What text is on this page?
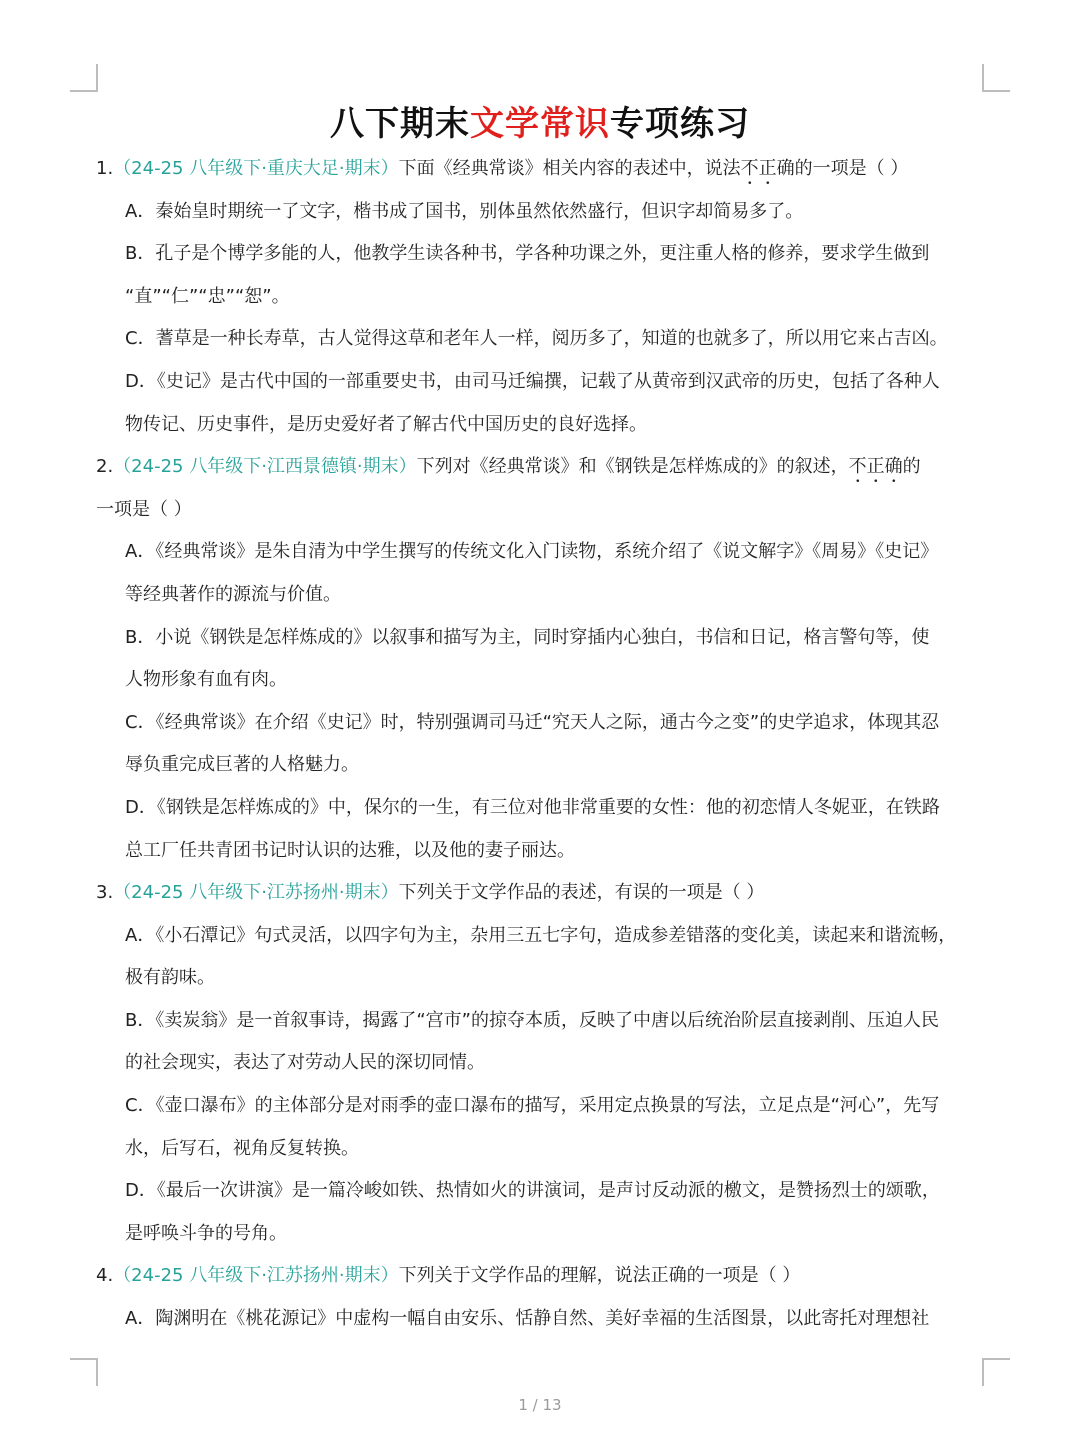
八下期末文学常识专项练习
1.（24-25 八年级下·重庆大足·期末）下面《经典常谈》相关内容的表述中，说法不正确的一项是（ ）
A．秦始皇时期统一了文字，楷书成了国书，别体虽然依然盛行，但识字却简易多了。
B．孔子是个博学多能的人，他教学生读各种书，学各种功课之外，更注重人格的修养，要求学生做到
“直”“仁”“忠”“恕”。
C．蓍草是一种长寿草，古人觉得这草和老年人一样，阅历多了，知道的也就多了，所以用它来占吉凶。
D．《史记》是古代中国的一部重要史书，由司马迁编撰，记载了从黄帝到汉武帝的历史，包括了各种人
物传记、历史事件，是历史爱好者了解古代中国历史的良好选择。
2.（24-25 八年级下·江西景德镇·期末）下列对《经典常谈》和《钢铁是怎样炼成的》的叙述，不正确的
一项是（ ）
A．《经典常谈》是朱自清为中学生撰写的传统文化入门读物，系统介绍了《说文解字》《周易》《史记》
等经典著作的源流与价值。
B．小说《钢铁是怎样炼成的》以叙事和描写为主，同时穿插内心独白，书信和日记，格言警句等，使
人物形象有血有肉。
C．《经典常谈》在介绍《史记》时，特别强调司马迁“究天人之际，通古今之变”的史学追求，体现其忍
辱负重完成巨著的人格魅力。
D．《钢铁是怎样炼成的》中，保尔的一生，有三位对他非常重要的女性：他的初恋情人冬妮亚，在铁路
总工厂任共青团书记时认识的达雅，以及他的妻子丽达。
3.（24-25 八年级下·江苏扬州·期末）下列关于文学作品的表述，有误的一项是（ ）
A．《小石潭记》句式灵活，以四字句为主，杂用三五七字句，造成参差错落的变化美，读起来和谐流畅，
极有韵味。
B．《卖炭翁》是一首叙事诗，揭露了“宫市”的掠夺本质，反映了中唐以后统治阶层直接剥削、压迫人民
的社会现实，表达了对劳动人民的深切同情。
C．《壶口瀑布》的主体部分是对雨季的壶口瀑布的描写，采用定点换景的写法，立足点是“河心”，先写
水，后写石，视角反复转换。
D．《最后一次讲演》是一篇冷峻如铁、热情如火的讲演词，是声讨反动派的檄文，是赞扬烈士的颂歌，
是呼唤斗争的号角。
4.（24-25 八年级下·江苏扬州·期末）下列关于文学作品的理解，说法正确的一项是（ ）
A．陶渊明在《桃花源记》中虚构一幅自由安乐、恬静自然、美好幸福的生活图景，以此寄托对理想社
1 / 13
